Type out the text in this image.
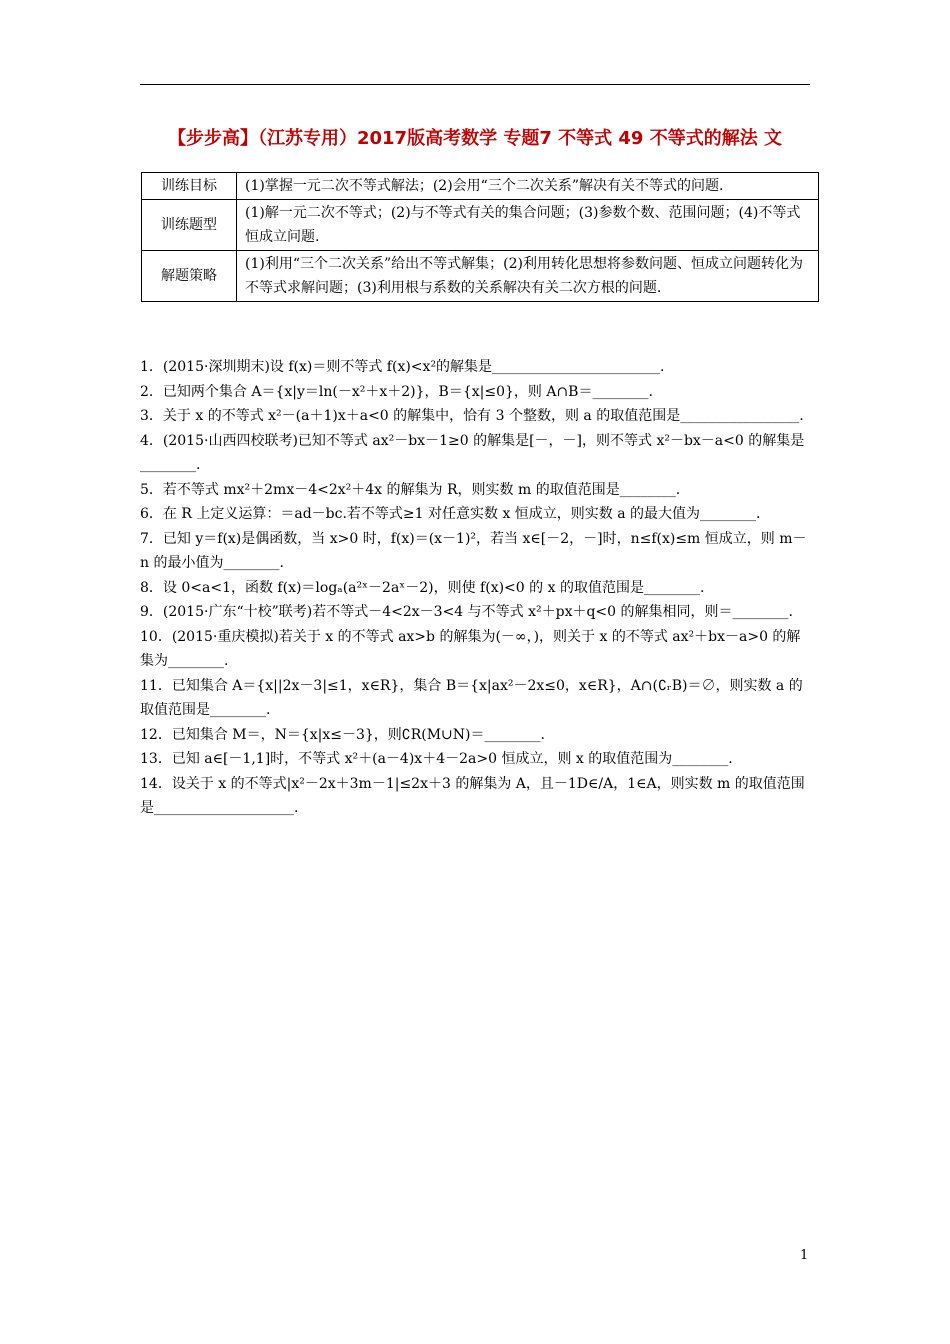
【步步高】（江苏专用）2017版高考数学 专题7 不等式 49 不等式的解法 文
训练目标	(1)掌握一元二次不等式解法；(2)会用“三个二次关系”解决有关不等式的问题.
训练题型	(1)解一元二次不等式；(2)与不等式有关的集合问题；(3)参数个数、范围问题；(4)不等式恒成立问题.
解题策略	(1)利用“三个二次关系”给出不等式解集；(2)利用转化思想将参数问题、恒成立问题转化为不等式求解问题；(3)利用根与系数的关系解决有关二次方根的问题.

1．(2015·深圳期末)设 f(x)＝则不等式 f(x)<x²的解集是________________________.

2．已知两个集合 A＝{x|y＝ln(－x²＋x＋2)}，B＝{x|≤0}，则 A∩B＝________.

3．关于 x 的不等式 x²－(a＋1)x＋a<0 的解集中，恰有 3 个整数，则 a 的取值范围是_________________.

4．(2015·山西四校联考)已知不等式 ax²－bx－1≥0 的解集是[－，－]，则不等式 x²－bx－a<0 的解集是________.

5．若不等式 mx²＋2mx－4<2x²＋4x 的解集为 R，则实数 m 的取值范围是________.

6．在 R 上定义运算：＝ad－bc.若不等式≥1 对任意实数 x 恒成立，则实数 a 的最大值为________.

7．已知 y＝f(x)是偶函数，当 x>0 时，f(x)＝(x－1)²，若当 x∈[－2，－]时，n≤f(x)≤m 恒成立，则 m－n 的最小值为________.

8．设 0<a<1，函数 f(x)＝logₐ(a²ˣ－2aˣ－2)，则使 f(x)<0 的 x 的取值范围是________.

9．(2015·广东“十校”联考)若不等式－4<2x－3<4 与不等式 x²＋px＋q<0 的解集相同，则＝________.

10．(2015·重庆模拟)若关于 x 的不等式 ax>b 的解集为(－∞，)，则关于 x 的不等式 ax²＋bx－a>0 的解集为________.

11．已知集合 A＝{x||2x－3|≤1，x∈R}，集合 B＝{x|ax²－2x≤0，x∈R}，A∩(∁ᵣB)＝∅，则实数 a 的取值范围是________.

12．已知集合 M＝，N＝{x|x≤－3}，则∁R(M∪N)＝________.

13．已知 a∈[－1,1]时，不等式 x²＋(a－4)x＋4－2a>0 恒成立，则 x 的取值范围为________.

14．设关于 x 的不等式|x²－2x＋3m－1|≤2x＋3 的解集为 A，且－1D∈/A，1∈A，则实数 m 的取值范围是____________________.

1
